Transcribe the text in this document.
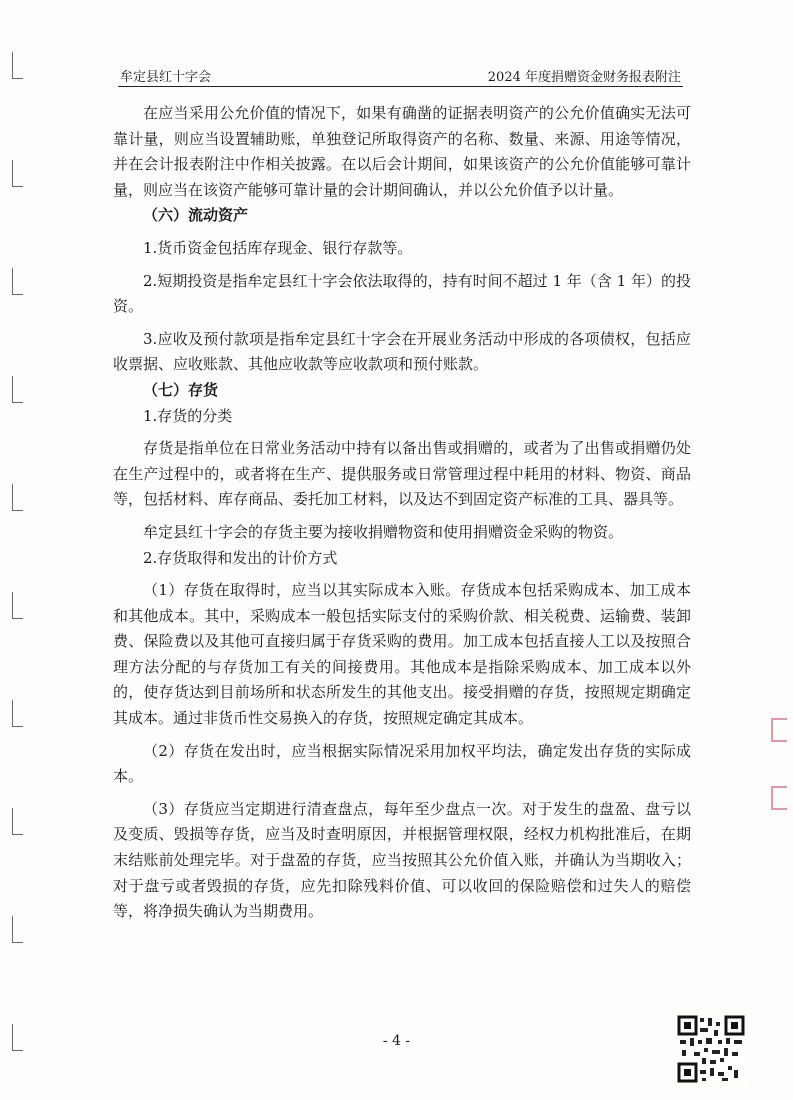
牟定县红十字会	2024 年度捐赠资金财务报表附注

在应当采用公允价值的情况下，如果有确凿的证据表明资产的公允价值确实无法可靠计量，则应当设置辅助账，单独登记所取得资产的名称、数量、来源、用途等情况，并在会计报表附注中作相关披露。在以后会计期间，如果该资产的公允价值能够可靠计量，则应当在该资产能够可靠计量的会计期间确认，并以公允价值予以计量。

（六）流动资产

1.货币资金包括库存现金、银行存款等。

2.短期投资是指牟定县红十字会依法取得的，持有时间不超过 1 年（含 1 年）的投资。

3.应收及预付款项是指牟定县红十字会在开展业务活动中形成的各项债权，包括应收票据、应收账款、其他应收款等应收款项和预付账款。

（七）存货

1.存货的分类

存货是指单位在日常业务活动中持有以备出售或捐赠的，或者为了出售或捐赠仍处在生产过程中的，或者将在生产、提供服务或日常管理过程中耗用的材料、物资、商品等，包括材料、库存商品、委托加工材料，以及达不到固定资产标准的工具、器具等。

牟定县红十字会的存货主要为接收捐赠物资和使用捐赠资金采购的物资。

2.存货取得和发出的计价方式

（1）存货在取得时，应当以其实际成本入账。存货成本包括采购成本、加工成本和其他成本。其中，采购成本一般包括实际支付的采购价款、相关税费、运输费、装卸费、保险费以及其他可直接归属于存货采购的费用。加工成本包括直接人工以及按照合理方法分配的与存货加工有关的间接费用。其他成本是指除采购成本、加工成本以外的，使存货达到目前场所和状态所发生的其他支出。接受捐赠的存货，按照规定期确定其成本。通过非货币性交易换入的存货，按照规定确定其成本。

（2）存货在发出时，应当根据实际情况采用加权平均法，确定发出存货的实际成本。

（3）存货应当定期进行清查盘点，每年至少盘点一次。对于发生的盘盈、盘亏以及变质、毁损等存货，应当及时查明原因，并根据管理权限，经权力机构批准后，在期末结账前处理完毕。对于盘盈的存货，应当按照其公允价值入账，并确认为当期收入；对于盘亏或者毁损的存货，应先扣除残料价值、可以收回的保险赔偿和过失人的赔偿等，将净损失确认为当期费用。

- 4 -
